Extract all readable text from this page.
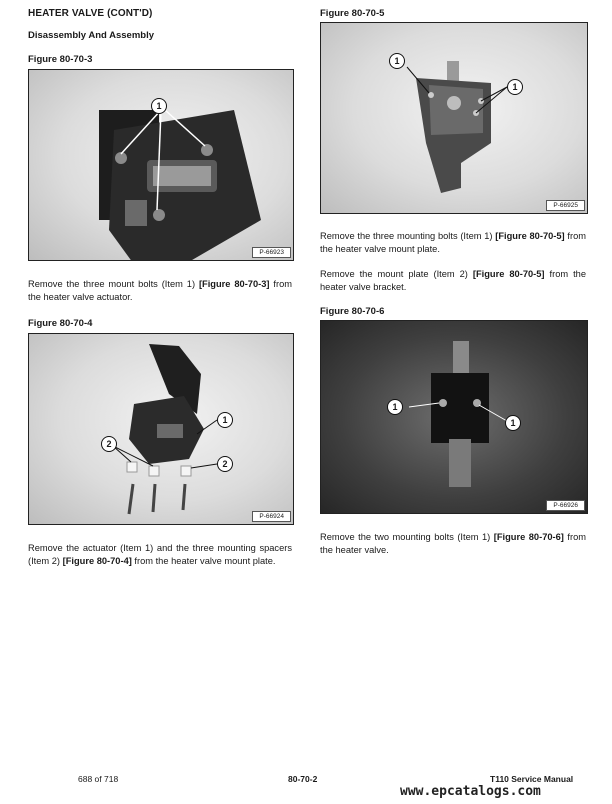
HEATER VALVE (CONT'D)
Disassembly And Assembly
Figure 80-70-3
1
P-66923
Remove the three mount bolts (Item 1) [Figure 80-70-3] from the heater valve actuator.
Figure 80-70-4
1
2
2
P-66924
Remove the actuator (Item 1) and the three mounting spacers (Item 2) [Figure 80-70-4] from the heater valve mount plate.
Figure 80-70-5
1
1
P-66925
Remove the three mounting bolts (Item 1) [Figure 80-70-5] from the heater valve mount plate.
Remove the mount plate (Item 2) [Figure 80-70-5] from the heater valve bracket.
Figure 80-70-6
1
1
P-66926
Remove the two mounting bolts (Item 1) [Figure 80-70-6] from the heater valve.
688 of 718	80-70-2	T110 Service Manual
www.epcatalogs.com
